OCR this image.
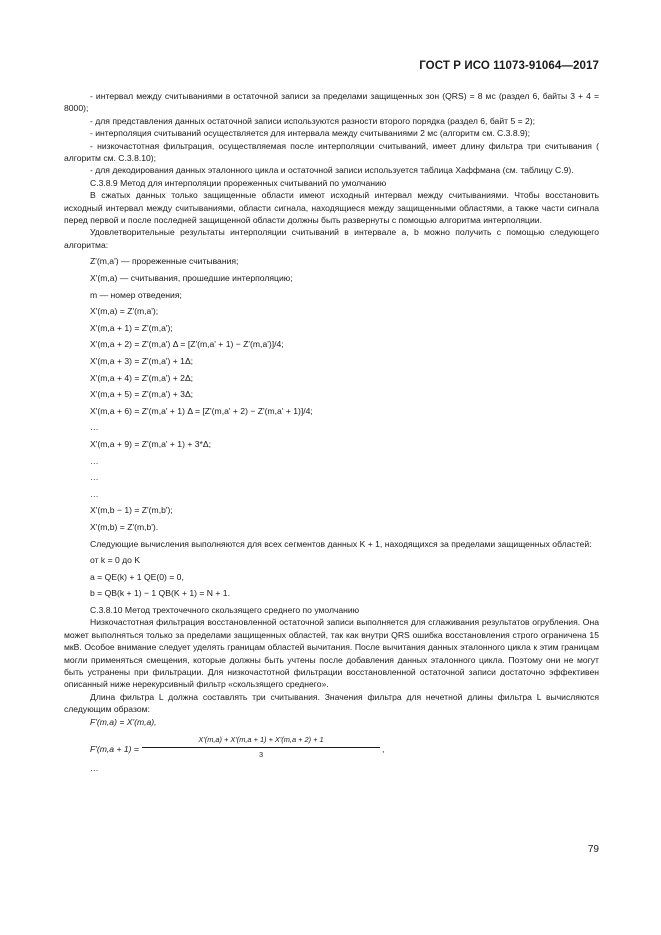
ГОСТ Р ИСО 11073-91064—2017

- интервал между считываниями в остаточной записи за пределами защищенных зон (QRS) = 8 мс (раздел 6, байты 3 + 4 = 8000);

- для представления данных остаточной записи используются разности второго порядка (раздел 6, байт 5 = 2);

- интерполяция считываний осуществляется для интервала между считываниями 2 мс (алгоритм см. С.3.8.9);

- низкочастотная фильтрация, осуществляемая после интерполяции считываний, имеет длину фильтра три считывания ( алгоритм см. С.3.8.10);

- для декодирования данных эталонного цикла и остаточной записи используется таблица Хаффмана (см. таблицу С.9).

С.3.8.9 Метод для интерполяции прореженных считываний по умолчанию

В сжатых данных только защищенные области имеют исходный интервал между считываниями. Чтобы восстановить исходный интервал между считываниями, области сигнала, находящиеся между защищенными областями, а также части сигнала перед первой и после последней защищенной области должны быть развернуты с помощью алгоритма интерполяции.

Удовлетворительные результаты интерполяции считываний в интервале а, b можно получить с помощью следующего алгоритма:

Z'(m,a') — прореженные считывания;

X'(m,a) — считывания, прошедшие интерполяцию;

m — номер отведения;

X'(m,a) = Z'(m,a');

X'(m,a + 1) = Z'(m,a');

X'(m,a + 2) = Z'(m,a') Δ = [Z'(m,a' + 1) − Z'(m,a')]/4;

X'(m,a + 3) = Z'(m,a') + 1Δ;

X'(m,a + 4) = Z'(m,a') + 2Δ;

X'(m,a + 5) = Z'(m,a') + 3Δ;

X'(m,a + 6) = Z'(m,a' + 1) Δ = [Z'(m,a' + 2) − Z'(m,a' + 1)]/4;

…

X'(m,a + 9) = Z'(m,a' + 1) + 3*Δ;

…

…

…

X'(m,b − 1) = Z'(m,b');

X'(m,b) = Z'(m,b').

Следующие вычисления выполняются для всех сегментов данных K + 1, находящихся за пределами защищенных областей:

от k = 0 до K

a = QE(k) + 1 QE(0) = 0,

b = QB(k + 1) − 1 QB(K + 1) = N + 1.

С.3.8.10 Метод трехточечного скользящего среднего по умолчанию

Низкочастотная фильтрация восстановленной остаточной записи выполняется для сглаживания результатов огрубления. Она может выполняться только за пределами защищенных областей, так как внутри QRS ошибка восстановления строго ограничена 15 мкВ. Особое внимание следует уделять границам областей вычитания. После вычитания данных эталонного цикла к этим границам могли применяться смещения, которые должны быть учтены после добавления данных эталонного цикла. Поэтому они не могут быть устранены при фильтрации. Для низкочастотной фильтрации восстановленной остаточной записи достаточно эффективен описанный ниже нерекурсивный фильтр «скользящего среднего».

Длина фильтра L должна составлять три считывания. Значения фильтра для нечетной длины фильтра L вычисляются следующим образом:

F'(m,a) = X'(m,a),

$F'(m,a + 1) = \frac{X'(m,a) + X'(m,a + 1) + X'(m,a + 2) + 1}{3}$ ,

…

79
